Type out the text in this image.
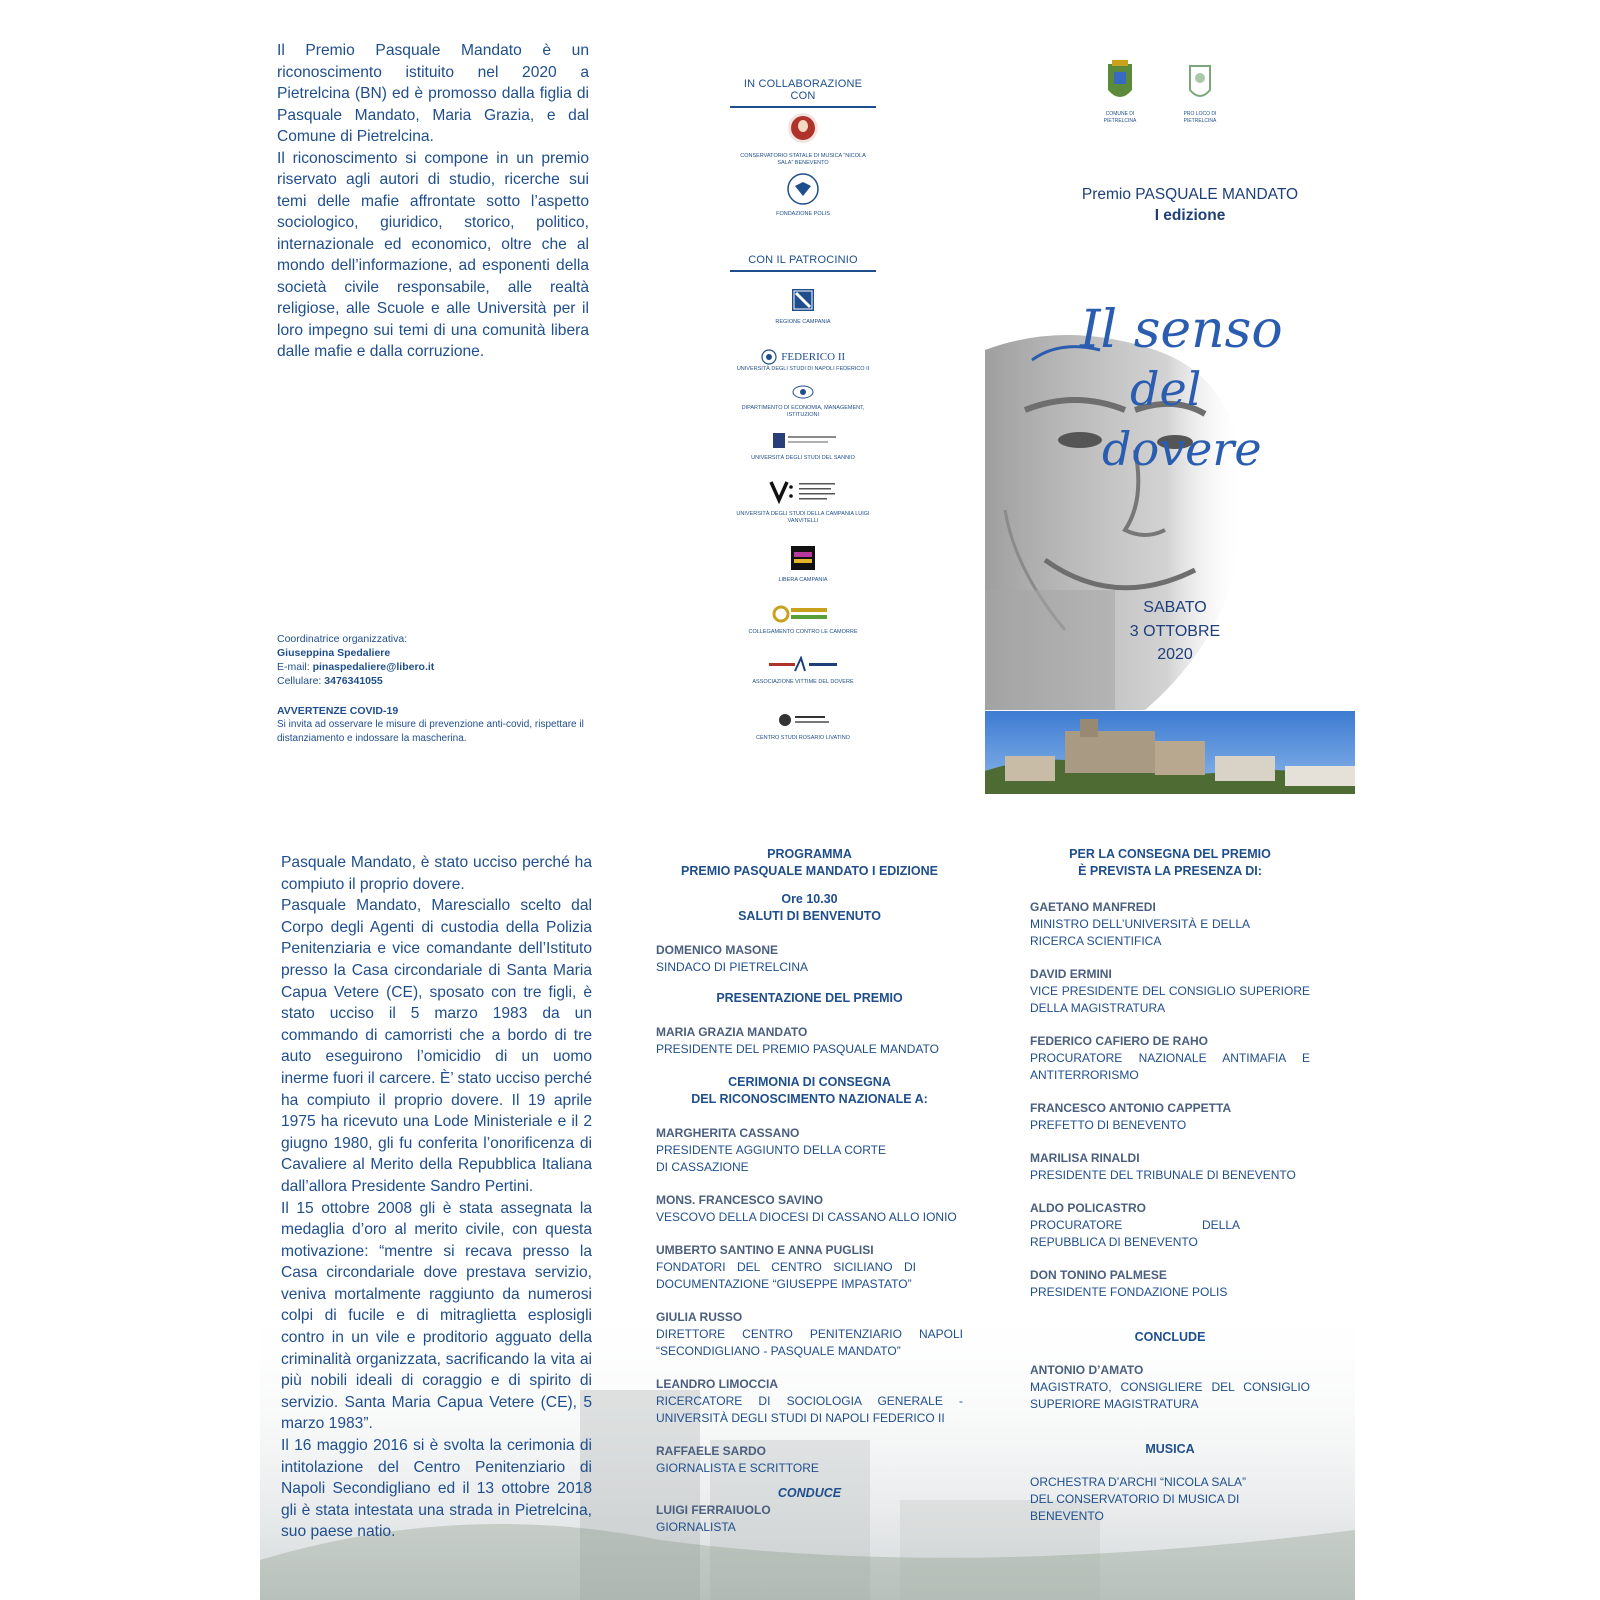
Il Premio Pasquale Mandato è un riconoscimento istituito nel 2020 a Pietrelcina (BN) ed è promosso dalla figlia di Pasquale Mandato, Maria Grazia, e dal Comune di Pietrelcina.

Il riconoscimento si compone in un premio riservato agli autori di studio, ricerche sui temi delle mafie affrontate sotto l’aspetto sociologico, giuridico, storico, politico, internazionale ed economico, oltre che al mondo dell’informazione, ad esponenti della società civile responsabile, alle realtà religiose, alle Scuole e alle Università per il loro impegno sui temi di una comunità libera dalle mafie e dalla corruzione.

Coordinatrice organizzativa:
Giuseppina Spedaliere
E-mail: pinaspedaliere@libero.it
Cellulare: 3476341055
AVVERTENZE COVID-19
Si invita ad osservare le misure di prevenzione anti-covid, rispettare il distanziamento e indossare la mascherina.
IN COLLABORAZIONE CON
CONSERVATORIO STATALE DI MUSICA “NICOLA SALA” BENEVENTO
FONDAZIONE POLIS
CON IL PATROCINIO
REGIONE CAMPANIA
FEDERICO II
UNIVERSITÀ DEGLI STUDI DI NAPOLI FEDERICO II
DIPARTIMENTO DI ECONOMIA, MANAGEMENT, ISTITUZIONI
UNIVERSITÀ DEGLI STUDI DEL SANNIO
UNIVERSITÀ DEGLI STUDI DELLA CAMPANIA LUIGI VANVITELLI
LIBERA CAMPANIA
COLLEGAMENTO CONTRO LE CAMORRE
ASSOCIAZIONE VITTIME DEL DOVERE
CENTRO STUDI ROSARIO LIVATINO
COMUNE DI PIETRELCINA
PRO LOCO DI PIETRELCINA
Premio PASQUALE MANDATO
I edizione
Il senso
del
dovere
SABATO
3 OTTOBRE
2020

Pasquale Mandato, è stato ucciso perché ha compiuto il proprio dovere.

Pasquale Mandato, Maresciallo scelto dal Corpo degli Agenti di custodia della Polizia Penitenziaria e vice comandante dell’Istituto presso la Casa circondariale di Santa Maria Capua Vetere (CE), sposato con tre figli, è stato ucciso il 5 marzo 1983 da un commando di camorristi che a bordo di tre auto eseguirono l’omicidio di un uomo inerme fuori il carcere. È’ stato ucciso perché ha compiuto il proprio dovere. Il 19 aprile 1975 ha ricevuto una Lode Ministeriale e il 2 giugno 1980, gli fu conferita l’onorificenza di Cavaliere al Merito della Repubblica Italiana dall’allora Presidente Sandro Pertini.

Il 15 ottobre 2008 gli è stata assegnata la medaglia d’oro al merito civile, con questa motivazione: “mentre si recava presso la Casa circondariale dove prestava servizio, veniva mortalmente raggiunto da numerosi colpi di fucile e di mitraglietta esplosigli contro in un vile e proditorio agguato della criminalità organizzata, sacrificando la vita ai più nobili ideali di coraggio e di spirito di servizio. Santa Maria Capua Vetere (CE), 5 marzo 1983”.

Il 16 maggio 2016 si è svolta la cerimonia di intitolazione del Centro Penitenziario di Napoli Secondigliano ed il 13 ottobre 2018 gli è stata intestata una strada in Pietrelcina, suo paese natio.

PROGRAMMA
PREMIO PASQUALE MANDATO I EDIZIONE
Ore 10.30
SALUTI DI BENVENUTO
DOMENICO MASONE
SINDACO DI PIETRELCINA
PRESENTAZIONE DEL PREMIO
MARIA GRAZIA MANDATO
PRESIDENTE DEL PREMIO PASQUALE MANDATO
CERIMONIA DI CONSEGNA
DEL RICONOSCIMENTO NAZIONALE A:
MARGHERITA CASSANO
PRESIDENTE AGGIUNTO DELLA CORTE DI CASSAZIONE
MONS. FRANCESCO SAVINO
VESCOVO DELLA DIOCESI DI CASSANO ALLO IONIO
UMBERTO SANTINO E ANNA PUGLISI
FONDATORI DEL CENTRO SICILIANO DI DOCUMENTAZIONE “GIUSEPPE IMPASTATO”
GIULIA RUSSO
DIRETTORE CENTRO PENITENZIARIO NAPOLI “SECONDIGLIANO - PASQUALE MANDATO”
LEANDRO LIMOCCIA
RICERCATORE DI SOCIOLOGIA GENERALE - UNIVERSITÀ DEGLI STUDI DI NAPOLI FEDERICO II
RAFFAELE SARDO
GIORNALISTA E SCRITTORE
CONDUCE
LUIGI FERRAIUOLO
GIORNALISTA
PER LA CONSEGNA DEL PREMIO
È PREVISTA LA PRESENZA DI:
GAETANO MANFREDI
MINISTRO DELL’UNIVERSITÀ E DELLA RICERCA SCIENTIFICA
DAVID ERMINI
VICE PRESIDENTE DEL CONSIGLIO SUPERIORE DELLA MAGISTRATURA
FEDERICO CAFIERO DE RAHO
PROCURATORE NAZIONALE ANTIMAFIA E ANTITERRORISMO
FRANCESCO ANTONIO CAPPETTA
PREFETTO DI BENEVENTO
MARILISA RINALDI
PRESIDENTE DEL TRIBUNALE DI BENEVENTO
ALDO POLICASTRO
PROCURATORE DELLA REPUBBLICA DI BENEVENTO
DON TONINO PALMESE
PRESIDENTE FONDAZIONE POLIS
CONCLUDE
ANTONIO D’AMATO
MAGISTRATO, CONSIGLIERE DEL CONSIGLIO SUPERIORE MAGISTRATURA
MUSICA
ORCHESTRA D’ARCHI “NICOLA SALA” DEL CONSERVATORIO DI MUSICA DI BENEVENTO
